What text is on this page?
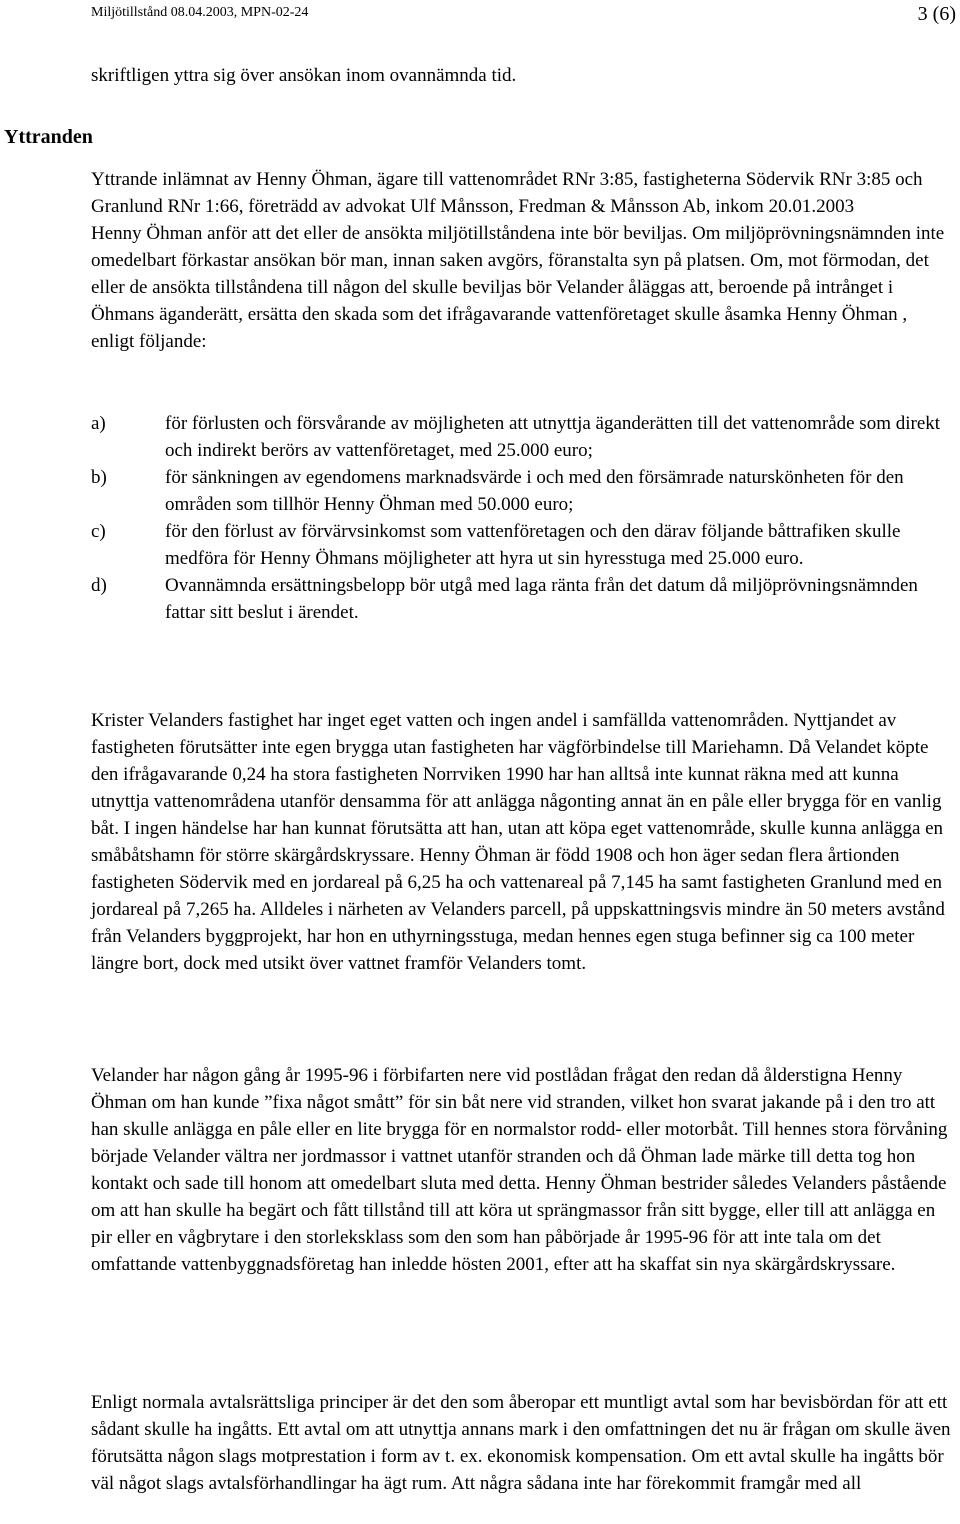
Miljötillstånd 08.04.2003, MPN-02-24	3 (6)

skriftligen yttra sig över ansökan inom ovannämnda tid.

Yttranden

Yttrande inlämnat av Henny Öhman, ägare till vattenområdet RNr 3:85, fastigheterna Södervik RNr 3:85 och Granlund RNr 1:66, företrädd av advokat Ulf Månsson, Fredman & Månsson Ab, inkom 20.01.2003

Henny Öhman anför att det eller de ansökta miljötillståndena inte bör beviljas. Om miljöprövningsnämnden inte omedelbart förkastar ansökan bör man, innan saken avgörs, föranstalta syn på platsen. Om, mot förmodan, det eller de ansökta tillståndena till någon del skulle beviljas bör Velander åläggas att, beroende på intrånget i Öhmans äganderätt, ersätta den skada som det ifrågavarande vattenföretaget skulle åsamka Henny Öhman , enligt följande:

a)	för förlusten och försvårande av möjligheten att utnyttja äganderätten till det vattenområde som direkt och indirekt berörs av vattenföretaget, med 25.000 euro;
b)	för sänkningen av egendomens marknadsvärde i och med den försämrade naturskönheten för den områden som tillhör Henny Öhman med 50.000 euro;
c)	för den förlust av förvärvsinkomst som vattenföretagen och den därav följande båttrafiken skulle medföra för Henny Öhmans möjligheter att hyra ut sin hyresstuga med 25.000 euro.
d)	Ovannämnda ersättningsbelopp bör utgå med laga ränta från det datum då miljöprövningsnämnden fattar sitt beslut i ärendet.

Krister Velanders fastighet har inget eget vatten och ingen andel i samfällda vattenområden. Nyttjandet av fastigheten förutsätter inte egen brygga utan fastigheten har vägförbindelse till Mariehamn. Då Velandet köpte den ifrågavarande 0,24 ha stora fastigheten Norrviken 1990 har han alltså inte kunnat räkna med att kunna utnyttja vattenområdena utanför densamma för att anlägga någonting annat än en påle eller brygga för en vanlig båt. I ingen händelse har han kunnat förutsätta att han, utan att köpa eget vattenområde, skulle kunna anlägga en småbåtshamn för större skärgårdskryssare. Henny Öhman är född 1908 och hon äger sedan flera årtionden fastigheten Södervik med en jordareal på 6,25 ha och vattenareal på 7,145 ha samt fastigheten Granlund med en jordareal på 7,265 ha. Alldeles i närheten av Velanders parcell, på uppskattningsvis mindre än 50 meters avstånd från Velanders byggprojekt, har hon en uthyrningsstuga, medan hennes egen stuga befinner sig ca 100 meter längre bort, dock med utsikt över vattnet framför Velanders tomt.

Velander har någon gång år 1995-96 i förbifarten nere vid postlådan frågat den redan då ålderstigna Henny Öhman om han kunde ”fixa något smått” för sin båt nere vid stranden, vilket hon svarat jakande på i den tro att han skulle anlägga en påle eller en lite brygga för en normalstor rodd- eller motorbåt. Till hennes stora förvåning började Velander vältra ner jordmassor i vattnet utanför stranden och då Öhman lade märke till detta tog hon kontakt och sade till honom att omedelbart sluta med detta. Henny Öhman bestrider således Velanders påstående om att han skulle ha begärt och fått tillstånd till att köra ut sprängmassor från sitt bygge, eller till att anlägga en pir eller en vågbrytare i den storleksklass som den som han påbörjade år 1995-96 för att inte tala om det omfattande vattenbyggnadsföretag han inledde hösten 2001, efter att ha skaffat sin nya skärgårdskryssare.

Enligt normala avtalsrättsliga principer är det den som åberopar ett muntligt avtal som har bevisbördan för att ett sådant skulle ha ingåtts. Ett avtal om att utnyttja annans mark i den omfattningen det nu är frågan om skulle även förutsätta någon slags motprestation i form av t. ex. ekonomisk kompensation. Om ett avtal skulle ha ingåtts bör väl något slags avtalsförhandlingar ha ägt rum. Att några sådana inte har förekommit framgår med all
